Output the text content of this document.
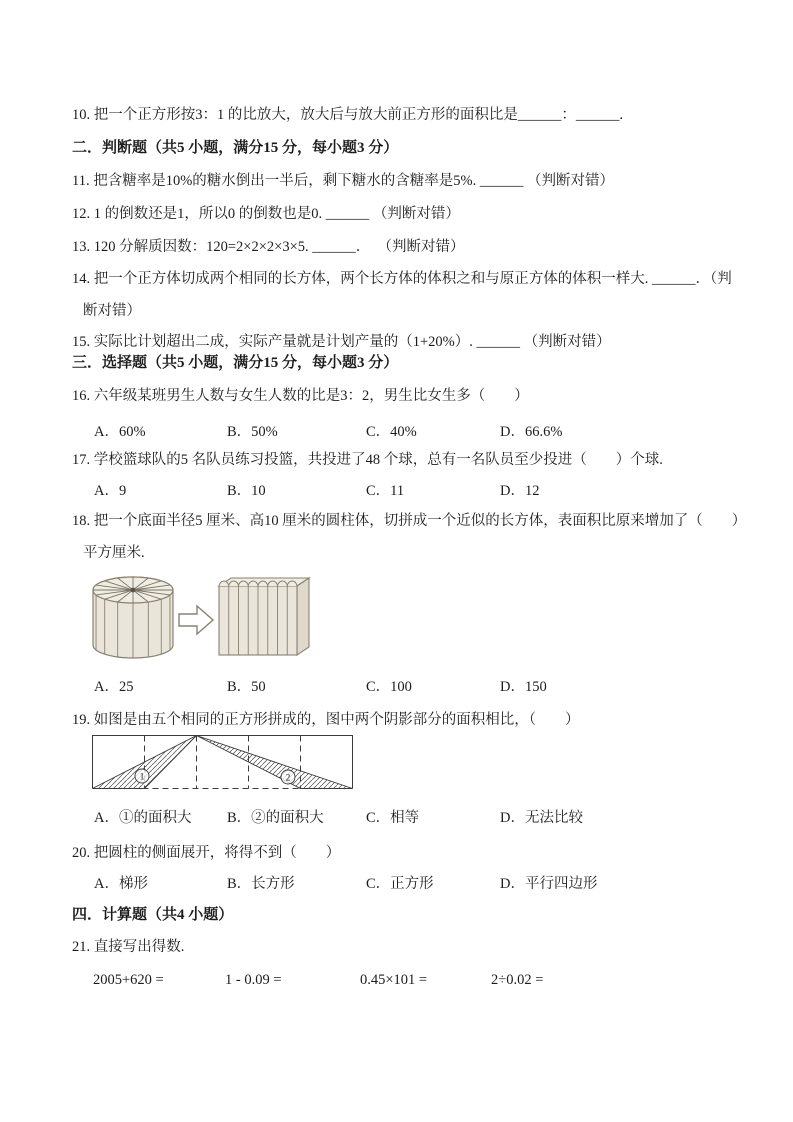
10. 把一个正方形按3：1 的比放大，放大后与放大前正方形的面积比是______：______.
二．判断题（共5 小题，满分15 分，每小题3 分）
11. 把含糖率是10%的糖水倒出一半后，剩下糖水的含糖率是5%. ______ （判断对错）
12. 1 的倒数还是1，所以0 的倒数也是0. ______ （判断对错）
13. 120 分解质因数：120=2×2×2×3×5. ______．  （判断对错）
14. 把一个正方体切成两个相同的长方体，两个长方体的体积之和与原正方体的体积一样大. ______．（判
断对错）
15. 实际比计划超出二成，实际产量就是计划产量的（1+20%）. ______ （判断对错）
三．选择题（共5 小题，满分15 分，每小题3 分）
16. 六年级某班男生人数与女生人数的比是3：2，男生比女生多（　　）
A．60%	B．50%	C．40%	D．66.6%
17. 学校篮球队的5 名队员练习投篮，共投进了48 个球，总有一名队员至少投进（　　）个球.
A．9	B．10	C．11	D．12
18. 把一个底面半径5 厘米、高10 厘米的圆柱体，切拼成一个近似的长方体，表面积比原来增加了（　　）
平方厘米.
A．25	B．50	C．100	D．150
19. 如图是由五个相同的正方形拼成的，图中两个阴影部分的面积相比，（　　）
1	2
A．①的面积大 B．②的面积大	C．相等	D．无法比较
20. 把圆柱的侧面展开，将得不到（　　）
A．梯形	B．长方形	C．正方形	D．平行四边形
四．计算题（共4 小题）
21. 直接写出得数.
2005+620 =	1 - 0.09 =	0.45×101 =	2÷0.02 =
